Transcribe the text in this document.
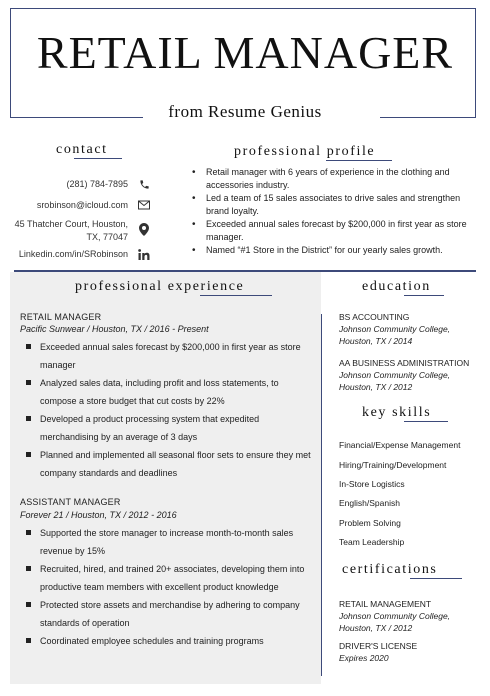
RETAIL MANAGER
from Resume Genius
contact
(281) 784-7895
srobinson@icloud.com
45 Thatcher Court, Houston,
TX, 77047
Linkedin.com/in/SRobinson
professional profile
• Retail manager with 6 years of experience in the clothing and accessories industry.
• Led a team of 15 sales associates to drive sales and strengthen brand loyalty.
• Exceeded annual sales forecast by $200,000 in first year as store manager.
• Named “#1 Store in the District” for our yearly sales growth.
professional experience
RETAIL MANAGER
Pacific Sunwear / Houston, TX / 2016 - Present
Exceeded annual sales forecast by $200,000 in first year as store manager
Analyzed sales data, including profit and loss statements, to compose a store budget that cut costs by 22%
Developed a product processing system that expedited merchandising by an average of 3 days
Planned and implemented all seasonal floor sets to ensure they met company standards and deadlines
ASSISTANT MANAGER
Forever 21 / Houston, TX / 2012 - 2016
Supported the store manager to increase month-to-month sales revenue by 15%
Recruited, hired, and trained 20+ associates, developing them into productive team members with excellent product knowledge
Protected store assets and merchandise by adhering to company standards of operation
Coordinated employee schedules and training programs
education
BS ACCOUNTING
Johnson Community College,
Houston, TX / 2014
AA BUSINESS ADMINISTRATION
Johnson Community College,
Houston, TX / 2012
key skills
Financial/Expense Management
Hiring/Training/Development
In-Store Logistics
English/Spanish
Problem Solving
Team Leadership
certifications
RETAIL MANAGEMENT
Johnson Community College,
Houston, TX / 2012
DRIVER'S LICENSE
Expires 2020
